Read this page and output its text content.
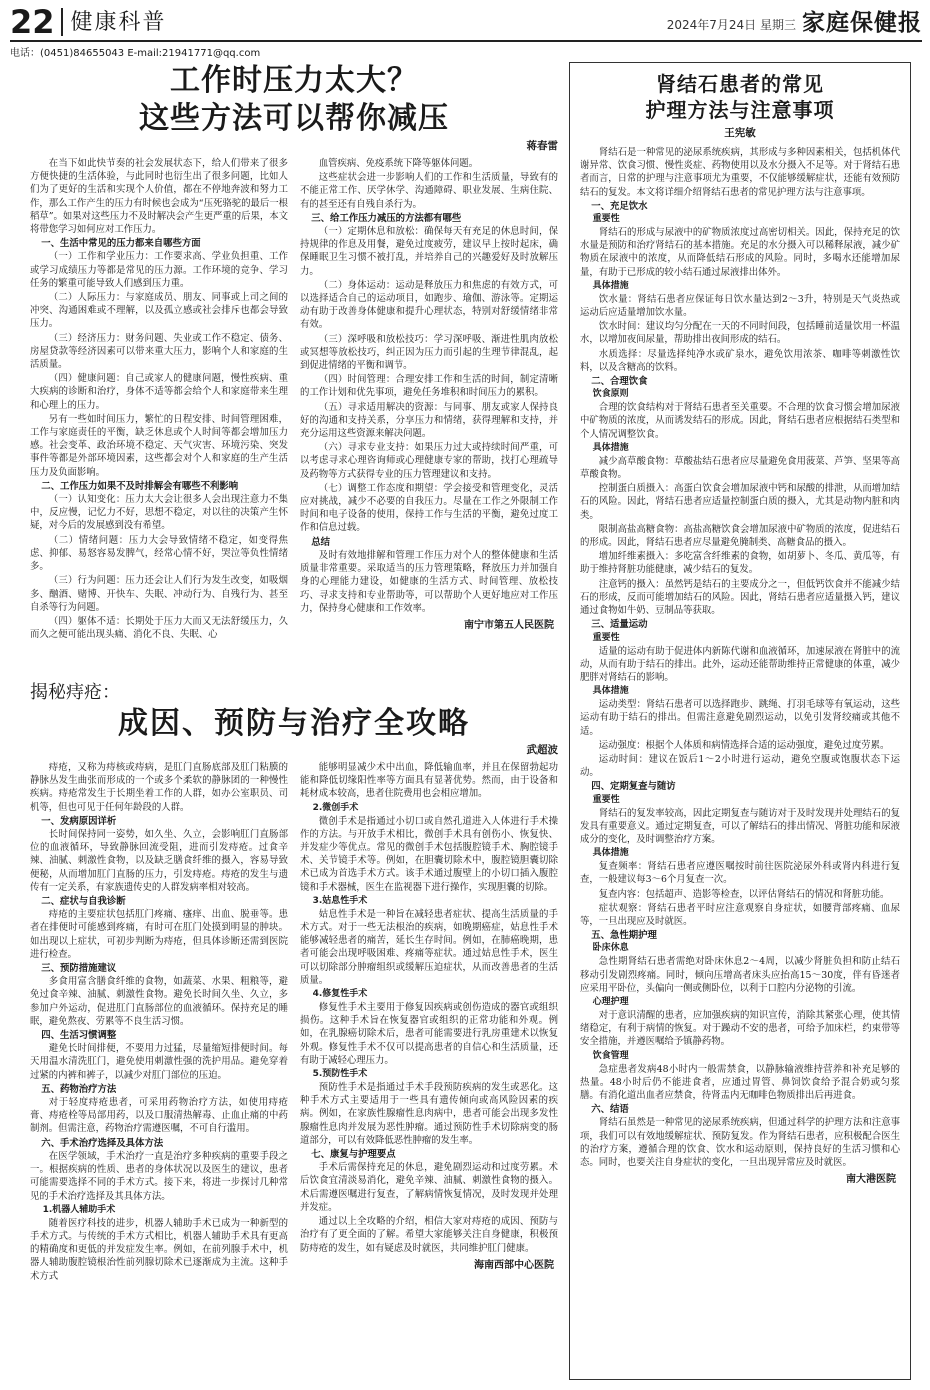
22 健康科普	2024年7月24日 星期三 家庭保健报
电话：(0451)84655043 E-mail:21941771@qq.com
工作时压力太大？
这些方法可以帮你减压
蒋春雷

在当下如此快节奏的社会发展状态下，给人们带来了很多方便快捷的生活体验，与此同时也衍生出了很多问题，比如人们为了更好的生活和实现个人价值，都在不停地奔波和努力工作，那么工作产生的压力有时候也会成为“压死骆驼的最后一根稻草”。如果对这些压力不及时解决会产生更严重的后果，本文将带您学习如何应对工作压力。

一、生活中常见的压力都来自哪些方面

（一）工作和学业压力：工作要求高、学业负担重、工作或学习成绩压力等都是常见的压力源。工作环境的竞争、学习任务的繁重可能导致人们感到压力重。

（二）人际压力：与家庭成员、朋友、同事或上司之间的冲突、沟通困难或不理解，以及孤立感或社会排斥也都会导致压力。

（三）经济压力：财务问题、失业或工作不稳定、债务、房屋贷款等经济因素可以带来重大压力，影响个人和家庭的生活质量。

（四）健康问题：自己或家人的健康问题，慢性疾病、重大疾病的诊断和治疗，身体不适等都会给个人和家庭带来生理和心理上的压力。

另有一些如时间压力，繁忙的日程安排、时间管理困难，工作与家庭责任的平衡，缺乏休息或个人时间等都会增加压力感。社会变革、政治环境不稳定、天气灾害、环境污染、突发事件等都是外部环境因素，这些都会对个人和家庭的生产生活压力及负面影响。

二、工作压力如果不及时排解会有哪些不利影响

（一）认知变化：压力太大会让很多人会出现注意力不集中，反应慢，记忆力不好，思想不稳定，对以往的决策产生怀疑，对今后的发展感到没有希望。

（二）情绪问题：压力大会导致情绪不稳定，如变得焦虑、抑郁、易怒容易发脾气，经常心情不好，哭泣等负性情绪多。

（三）行为问题：压力还会让人们行为发生改变，如吸烟多、酗酒、赌博、开快车、失眠、冲动行为、自残行为、甚至自杀等行为问题。

（四）躯体不适：长期处于压力大而又无法舒缓压力，久而久之便可能出现头痛、消化不良、失眠、心

血管疾病、免疫系统下降等躯体问题。

这些症状会进一步影响人们的工作和生活质量，导致有的不能正常工作、厌学休学、沟通障碍、职业发展、生病住院、有的甚至还有自残自杀行为。

三、给工作压力减压的方法都有哪些

（一）定期休息和放松：确保每天有充足的休息时间，保持规律的作息及用餐，避免过度疲劳，建议早上按时起床，确保睡眠卫生习惯不被打乱，并培养自己的兴趣爱好及时放解压力。

（二）身体运动：运动是释放压力和焦虑的有效方式，可以选择适合自己的运动项目，如跑步、瑜伽、游泳等。定期运动有助于改善身体健康和提升心理状态，特别对舒缓情绪非常有效。

（三）深呼吸和放松技巧：学习深呼吸、渐进性肌肉放松或冥想等放松技巧，纠正因为压力而引起的生理节律混乱，起到促进情绪的平衡和调节。

（四）时间管理：合理安排工作和生活的时间，制定清晰的工作计划和优先事项，避免任务堆积和时间压力的累积。

（五）寻求适用解决的资源：与同事、朋友或家人保持良好的沟通和支持关系，分享压力和情绪，获得理解和支持，并充分运用这些资源来解决问题。

（六）寻求专业支持：如果压力过大或持续时间严重，可以考虑寻求心理咨询师或心理健康专家的帮助，找打心理疏导及药物等方式获得专业的压力管理建议和支持。

（七）调整工作态度和期望：学会接受和管理变化，灵活应对挑战，减少不必要的自我压力。尽量在工作之外限制工作时间和电子设备的使用，保持工作与生活的平衡，避免过度工作和信息过载。

总结

及时有效地排解和管理工作压力对个人的整体健康和生活质量非常重要。采取适当的压力管理策略，释放压力并加强自身的心理能力建设，如健康的生活方式、时间管理、放松技巧、寻求支持和专业帮助等，可以帮助个人更好地应对工作压力，保持身心健康和工作效率。

南宁市第五人民医院
揭秘痔疮：
成因、预防与治疗全攻略
武超波

痔疮，又称为痔核或痔病，是肛门直肠底部及肛门粘膜的静脉丛发生曲张而形成的一个或多个柔软的静脉团的一种慢性疾病。痔疮常发生于长期坐着工作的人群，如办公室职员、司机等，但也可见于任何年龄段的人群。

一、发病原因详析

长时间保持同一姿势，如久坐、久立，会影响肛门直肠部位的血液循环，导致静脉回流受阻，进而引发痔疮。过食辛辣、油腻、刺激性食物，以及缺乏膳食纤维的摄入，容易导致便秘，从而增加肛门直肠的压力，引发痔疮。痔疮的发生与遗传有一定关系，有家族遗传史的人群发病率相对较高。

二、症状与自我诊断

痔疮的主要症状包括肛门疼痛、瘙痒、出血、脱垂等。患者在排便时可能感到疼痛，有时可在肛门处摸到明显的肿块。如出现以上症状，可初步判断为痔疮，但具体诊断还需到医院进行检查。

三、预防措施建议

多食用富含膳食纤维的食物，如蔬菜、水果、粗粮等，避免过食辛辣、油腻、刺激性食物。避免长时间久坐、久立，多参加户外运动，促进肛门直肠部位的血液循环。保持充足的睡眠，避免熬夜、劳累等不良生活习惯。

四、生活习惯调整

避免长时间排便，不要用力过猛，尽量缩短排便时间。每天用温水清洗肛门，避免使用刺激性强的洗护用品。避免穿着过紧的内裤和裤子，以减少对肛门部位的压迫。

五、药物治疗方法

对于轻度痔疮患者，可采用药物治疗方法，如使用痔疮膏、痔疮栓等局部用药，以及口服清热解毒、止血止痛的中药制剂。但需注意，药物治疗需遵医嘱，不可自行滥用。

六、手术治疗选择及具体方法

在医学领域，手术治疗一直是治疗多种疾病的重要手段之一。根据疾病的性质、患者的身体状况以及医生的建议，患者可能需要选择不同的手术方式。接下来，将进一步探讨几种常见的手术治疗选择及其具体方法。

1.机器人辅助手术

随着医疗科技的进步，机器人辅助手术已成为一种新型的手术方式。与传统的手术方式相比，机器人辅助手术具有更高的精确度和更低的并发症发生率。例如，在前列腺手术中，机器人辅助腹腔镜根治性前列腺切除术已逐渐成为主流。这种手术方式

能够明显减少术中出血，降低输血率，并且在保留勃起功能和降低切缘阳性率等方面具有显著优势。然而，由于设备和耗材成本较高，患者住院费用也会相应增加。

2.微创手术

微创手术是指通过小切口或自然孔道进入人体进行手术操作的方法。与开放手术相比，微创手术具有创伤小、恢复快、并发症少等优点。常见的微创手术包括腹腔镜手术、胸腔镜手术、关节镜手术等。例如，在胆囊切除术中，腹腔镜胆囊切除术已成为首选手术方式。该手术通过腹壁上的小切口插入腹腔镜和手术器械，医生在监视器下进行操作，实现胆囊的切除。

3.姑息性手术

姑息性手术是一种旨在减轻患者症状、提高生活质量的手术方式。对于一些无法根治的疾病，如晚期癌症，姑息性手术能够减轻患者的痛苦，延长生存时间。例如，在肺癌晚期，患者可能会出现呼吸困难、疼痛等症状。通过姑息性手术，医生可以切除部分肿瘤组织或缓解压迫症状，从而改善患者的生活质量。

4.修复性手术

修复性手术主要用于修复因疾病或创伤造成的器官或组织损伤。这种手术旨在恢复器官或组织的正常功能和外观。例如，在乳腺癌切除术后，患者可能需要进行乳房重建术以恢复外观。修复性手术不仅可以提高患者的自信心和生活质量，还有助于减轻心理压力。

5.预防性手术

预防性手术是指通过手术手段预防疾病的发生或恶化。这种手术方式主要适用于一些具有遗传倾向或高风险因素的疾病。例如，在家族性腺瘤性息肉病中，患者可能会出现多发性腺瘤性息肉并发展为恶性肿瘤。通过预防性手术切除病变的肠道部分，可以有效降低恶性肿瘤的发生率。

七、康复与护理要点

手术后需保持充足的休息，避免剧烈运动和过度劳累。术后饮食宜清淡易消化，避免辛辣、油腻、刺激性食物的摄入。术后需遵医嘱进行复查，了解病情恢复情况，及时发现并处理并发症。

通过以上全攻略的介绍，相信大家对痔疮的成因、预防与治疗有了更全面的了解。希望大家能够关注自身健康，积极预防痔疮的发生，如有疑虑及时就医，共同维护肛门健康。

海南西部中心医院
肾结石患者的常见
护理方法与注意事项
王宪敏

肾结石是一种常见的泌尿系统疾病，其形成与多种因素相关，包括机体代谢异常、饮食习惯、慢性炎症、药物使用以及水分摄入不足等。对于肾结石患者而言，日常的护理与注意事项尤为重要，不仅能够缓解症状，还能有效预防结石的复发。本文将详细介绍肾结石患者的常见护理方法与注意事项。

一、充足饮水
重要性

肾结石的形成与尿液中的矿物质浓度过高密切相关。因此，保持充足的饮水量是预防和治疗肾结石的基本措施。充足的水分摄入可以稀释尿液，减少矿物质在尿液中的浓度，从而降低结石形成的风险。同时，多喝水还能增加尿量，有助于已形成的较小结石通过尿液排出体外。

具体措施

饮水量：肾结石患者应保证每日饮水量达到2～3升，特别是天气炎热或运动后应适量增加饮水量。

饮水时间：建议均匀分配在一天的不同时间段，包括睡前适量饮用一杯温水，以增加夜间尿量，帮助排出夜间形成的结石。

水质选择：尽量选择纯净水或矿泉水，避免饮用浓茶、咖啡等刺激性饮料，以及含糖高的饮料。

二、合理饮食
饮食原则

合理的饮食结构对于肾结石患者至关重要。不合理的饮食习惯会增加尿液中矿物质的浓度，从而诱发结石的形成。因此，肾结石患者应根据结石类型和个人情况调整饮食。

具体措施

减少高草酸食物：草酸盐结石患者应尽量避免食用菠菜、芦笋、坚果等高草酸食物。

控制蛋白质摄入：高蛋白饮食会增加尿液中钙和尿酸的排泄，从而增加结石的风险。因此，肾结石患者应适量控制蛋白质的摄入，尤其是动物内脏和肉类。

限制高盐高糖食物：高盐高糖饮食会增加尿液中矿物质的浓度，促进结石的形成。因此，肾结石患者应尽量避免腌制类、高糖食品的摄入。

增加纤维素摄入：多吃富含纤维素的食物，如胡萝卜、冬瓜、黄瓜等，有助于维持肾脏功能健康，减少结石的复发。

注意钙的摄入：虽然钙是结石的主要成分之一，但低钙饮食并不能减少结石的形成，反而可能增加结石的风险。因此，肾结石患者应适量摄入钙，建议通过食物如牛奶、豆制品等获取。

三、适量运动
重要性

适量的运动有助于促进体内新陈代谢和血液循环，加速尿液在肾脏中的流动，从而有助于结石的排出。此外，运动还能帮助维持正常健康的体重，减少肥胖对肾结石的影响。

具体措施

运动类型：肾结石患者可以选择跑步、跳绳、打羽毛球等有氧运动，这些运动有助于结石的排出。但需注意避免剧烈运动，以免引发肾绞痛或其他不适。

运动强度：根据个人体质和病情选择合适的运动强度，避免过度劳累。

运动时间：建议在饭后1～2小时进行运动，避免空腹或饱腹状态下运动。

四、定期复查与随访
重要性

肾结石的复发率较高，因此定期复查与随访对于及时发现并处理结石的复发具有重要意义。通过定期复查，可以了解结石的排出情况、肾脏功能和尿液成分的变化，及时调整治疗方案。

具体措施

复查频率：肾结石患者应遵医嘱按时前往医院泌尿外科或肾内科进行复查，一般建议每3～6个月复查一次。

复查内容：包括超声、造影等检查，以评估肾结石的情况和肾脏功能。

症状观察：肾结石患者平时应注意观察自身症状，如腰背部疼痛、血尿等，一旦出现应及时就医。

五、急性期护理
卧床休息

急性期肾结石患者需绝对卧床休息2～4周，以减少肾脏负担和防止结石移动引发剧烈疼痛。同时，倾向压增高者床头应抬高15～30度，伴有昏迷者应采用平卧位，头偏向一侧或侧卧位，以利于口腔内分泌物的引流。

心理护理

对于意识清醒的患者，应加强疾病的知识宣传，消除其紧张心理，使其情绪稳定，有利于病情的恢复。对于躁动不安的患者，可给予加床栏，约束带等安全措施，并遵医嘱给予镇静药物。

饮食管理

急症患者发病48小时内一般需禁食，以静脉输液维持营养和补充足够的热量。48小时后仍不能进食者，应通过胃管、鼻饲饮食给予混合奶或匀浆膳。有消化道出血者应禁食，待肾盂内无咖啡色物质排出后再进食。

六、结语

肾结石虽然是一种常见的泌尿系统疾病，但通过科学的护理方法和注意事项，我们可以有效地缓解症状、预防复发。作为肾结石患者，应积极配合医生的治疗方案，遵循合理的饮食、饮水和运动原则，保持良好的生活习惯和心态。同时，也要关注自身症状的变化，一旦出现异常应及时就医。

南大港医院
